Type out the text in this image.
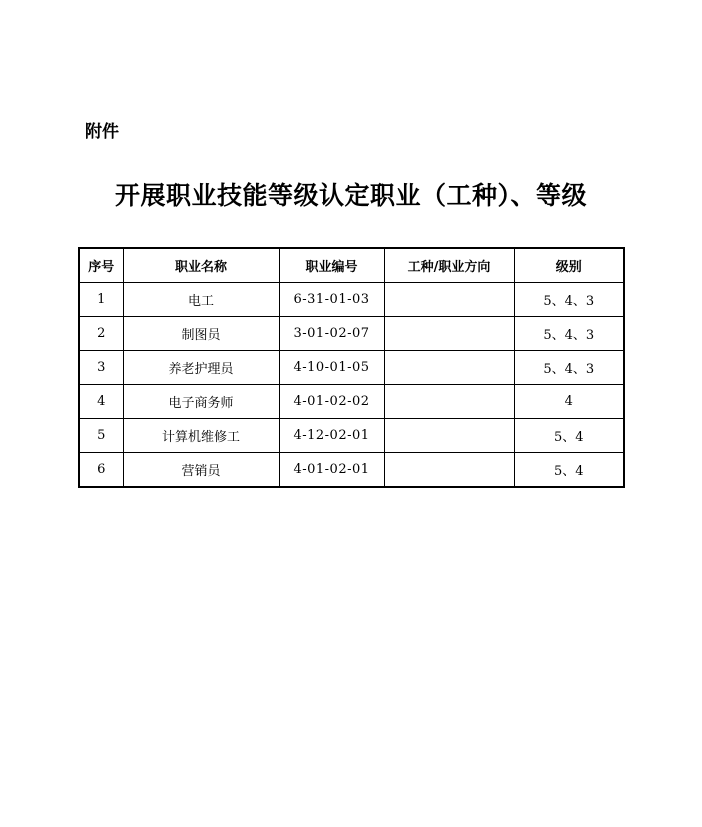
附件
开展职业技能等级认定职业（工种）、等级
序号	职业名称	职业编号	工种/职业方向	级别
1	电工	6-31-01-03		5、4、3
2	制图员	3-01-02-07		5、4、3
3	养老护理员	4-10-01-05		5、4、3
4	电子商务师	4-01-02-02		4
5	计算机维修工	4-12-02-01		5、4
6	营销员	4-01-02-01		5、4
